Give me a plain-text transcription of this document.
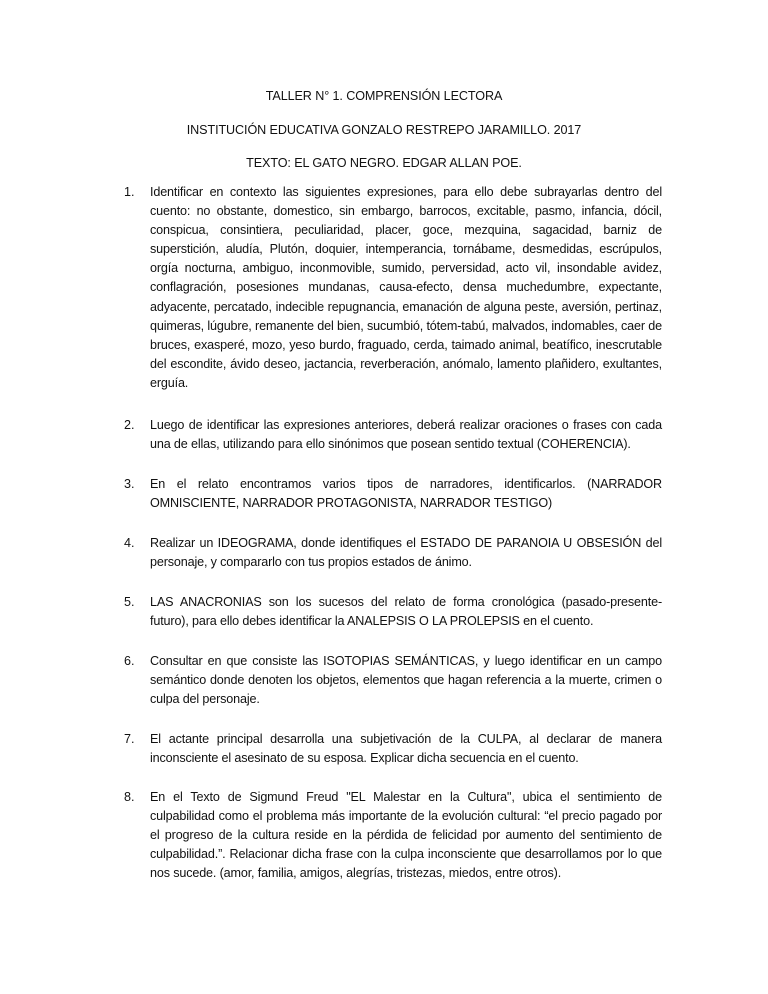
TALLER N° 1. COMPRENSIÓN LECTORA
INSTITUCIÓN EDUCATIVA GONZALO RESTREPO JARAMILLO. 2017
TEXTO: EL GATO NEGRO. EDGAR ALLAN POE.
1. Identificar en contexto las siguientes expresiones, para ello debe subrayarlas dentro del cuento: no obstante, domestico, sin embargo, barrocos, excitable, pasmo, infancia, dócil, conspicua, consintiera, peculiaridad, placer, goce, mezquina, sagacidad, barniz de superstición, aludía, Plutón, doquier, intemperancia, tornábame, desmedidas, escrúpulos, orgía nocturna, ambiguo, inconmovible, sumido, perversidad, acto vil, insondable avidez, conflagración, posesiones mundanas, causa-efecto, densa muchedumbre, expectante, adyacente, percatado, indecible repugnancia, emanación de alguna peste, aversión, pertinaz, quimeras, lúgubre, remanente del bien, sucumbió, tótem-tabú, malvados, indomables, caer de bruces, exasperé, mozo, yeso burdo, fraguado, cerda, taimado animal, beatífico, inescrutable del escondite, ávido deseo, jactancia, reverberación, anómalo, lamento plañidero, exultantes, erguía.
2. Luego de identificar las expresiones anteriores, deberá realizar oraciones o frases con cada una de ellas, utilizando para ello sinónimos que posean sentido textual (COHERENCIA).
3. En el relato encontramos varios tipos de narradores, identificarlos. (NARRADOR OMNISCIENTE, NARRADOR PROTAGONISTA, NARRADOR TESTIGO)
4. Realizar un IDEOGRAMA, donde identifiques el ESTADO DE PARANOIA U OBSESIÓN del personaje, y compararlo con tus propios estados de ánimo.
5. LAS ANACRONIAS son los sucesos del relato de forma cronológica (pasado-presente-futuro), para ello debes identificar la ANALEPSIS O LA PROLEPSIS en el cuento.
6. Consultar en que consiste las ISOTOPIAS SEMÁNTICAS, y luego identificar en un campo semántico donde denoten los objetos, elementos que hagan referencia a la muerte, crimen o culpa del personaje.
7. El actante principal desarrolla una subjetivación de la CULPA, al declarar de manera inconsciente el asesinato de su esposa. Explicar dicha secuencia en el cuento.
8. En el Texto de Sigmund Freud "EL Malestar en la Cultura", ubica el sentimiento de culpabilidad como el problema más importante de la evolución cultural: “el precio pagado por el progreso de la cultura reside en la pérdida de felicidad por aumento del sentimiento de culpabilidad.”. Relacionar dicha frase con la culpa inconsciente que desarrollamos por lo que nos sucede. (amor, familia, amigos, alegrías, tristezas, miedos, entre otros).
